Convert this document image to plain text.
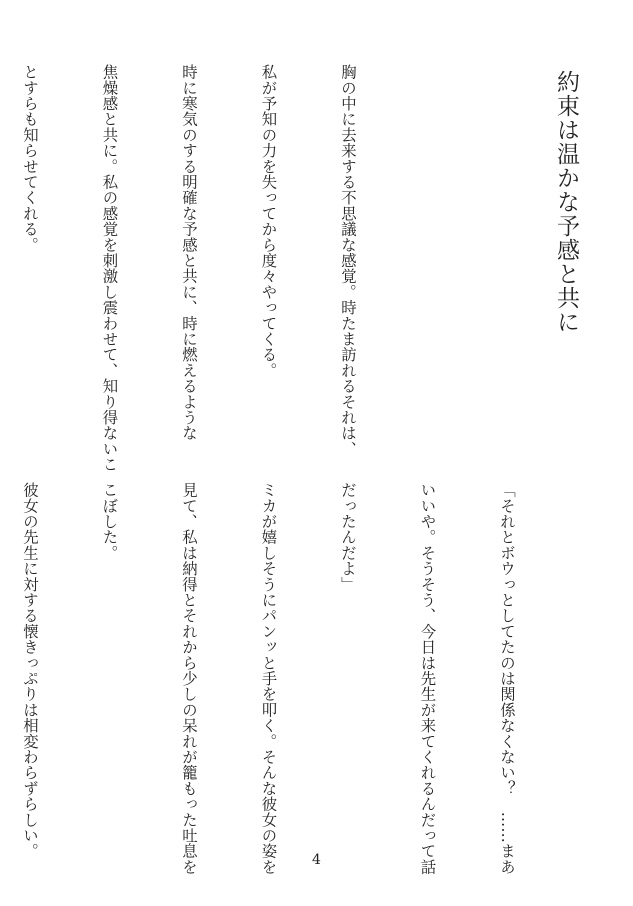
約束は温かな予感と共に

胸の中に去来する不思議な感覚。時たま訪れるそれは、

私が予知の力を失ってから度々やってくる。

時に寒気のする明確な予感と共に、時に燃えるような

焦燥感と共に。私の感覚を刺激し震わせて、知り得ないこ

とすらも知らせてくれる。

「それとボウっとしてたのは関係なくない？　……まあ

いいや。そうそう、今日は先生が来てくれるんだって話

だったんだよ」

ミカが嬉しそうにパンッと手を叩く。そんな彼女の姿を

見て、私は納得とそれから少しの呆れが籠もった吐息を

こぼした。

彼女の先生に対する懐きっぷりは相変わらずらしい。

4
